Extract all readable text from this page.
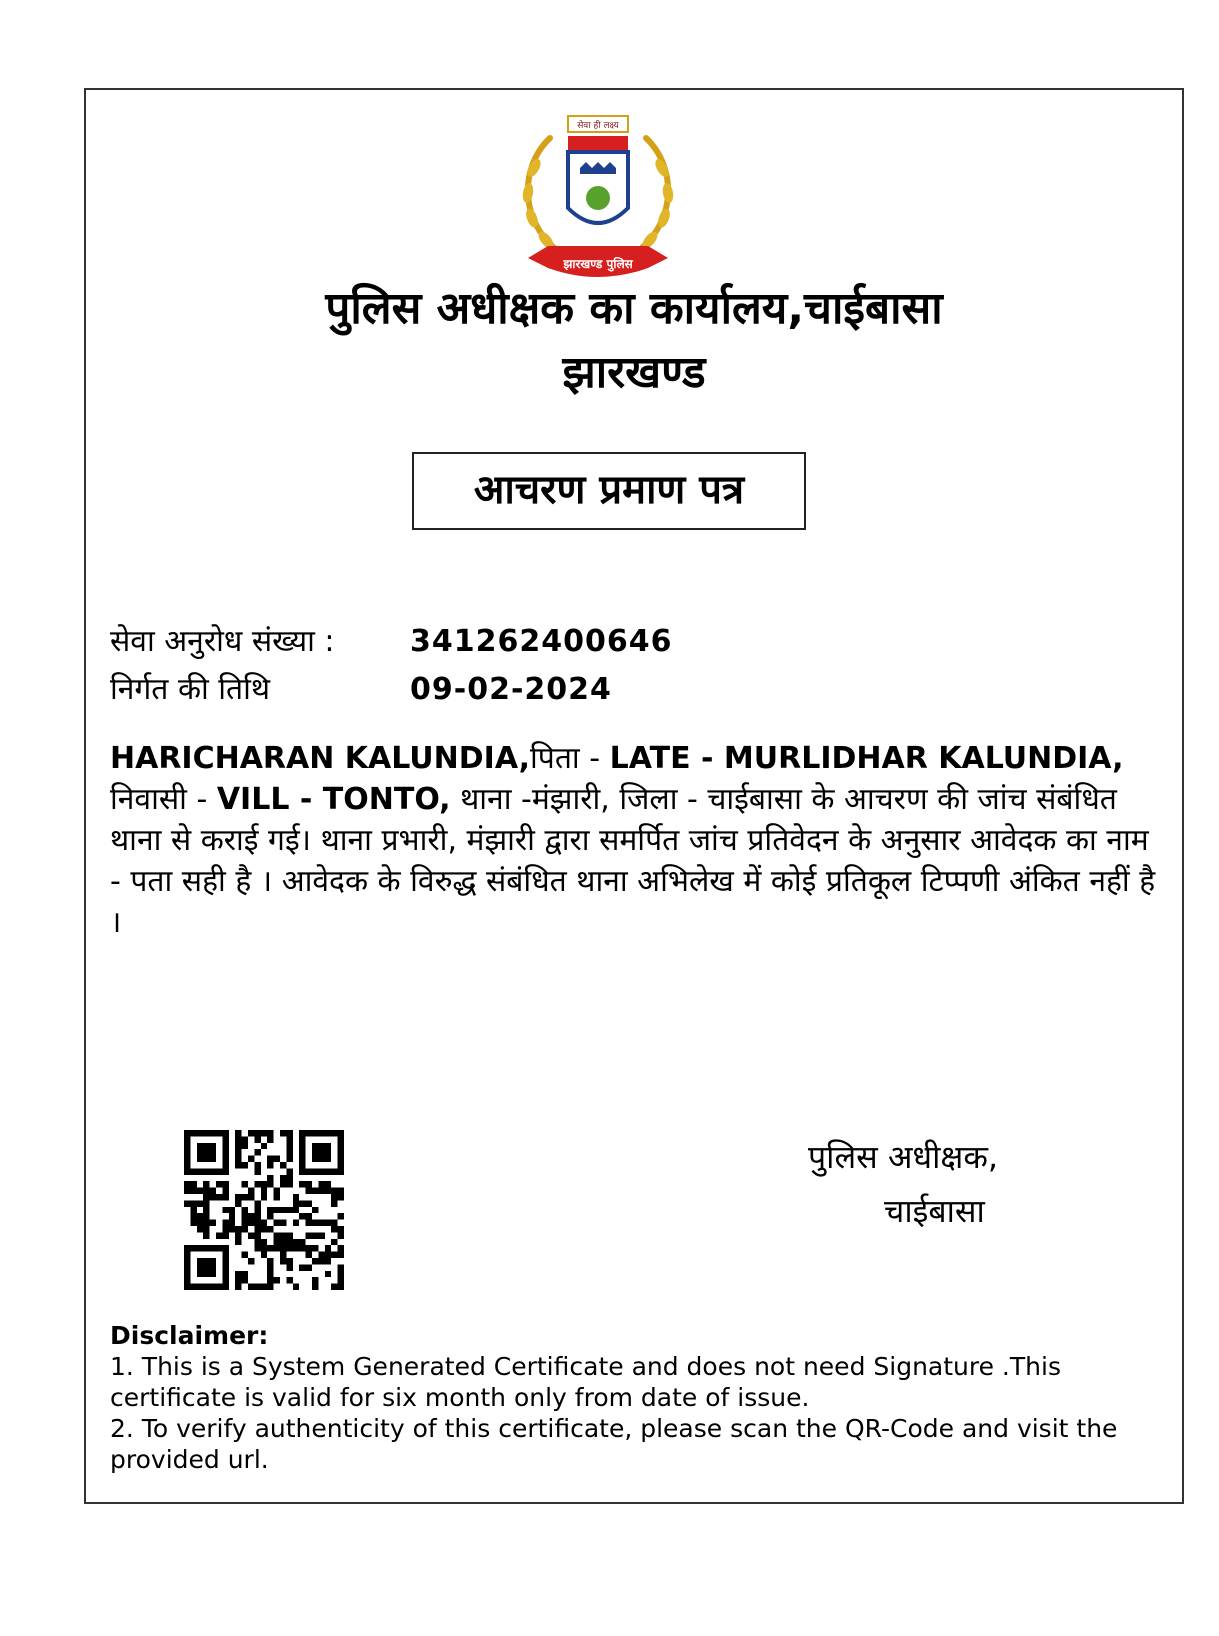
सेवा ही लक्ष्य
झारखण्ड पुलिस
पुलिस अधीक्षक का कार्यालय,चाईबासा
झारखण्ड
आचरण प्रमाण पत्र
सेवा अनुरोध संख्या :	341262400646
निर्गत की तिथि	09-02-2024
HARICHARAN KALUNDIA,पिता - LATE - MURLIDHAR KALUNDIA, निवासी - VILL - TONTO, थाना -मंझारी, जिला - चाईबासा के आचरण की जांच संबंधित थाना से कराई गई। थाना प्रभारी, मंझारी द्वारा समर्पित जांच प्रतिवेदन के अनुसार आवेदक का नाम - पता सही है । आवेदक के विरुद्ध संबंधित थाना अभिलेख में कोई प्रतिकूल टिप्पणी अंकित नहीं है ।
पुलिस अधीक्षक,
चाईबासा
Disclaimer:
1. This is a System Generated Certificate and does not need Signature .This certificate is valid for six month only from date of issue.
2. To verify authenticity of this certificate, please scan the QR-Code and visit the provided url.
